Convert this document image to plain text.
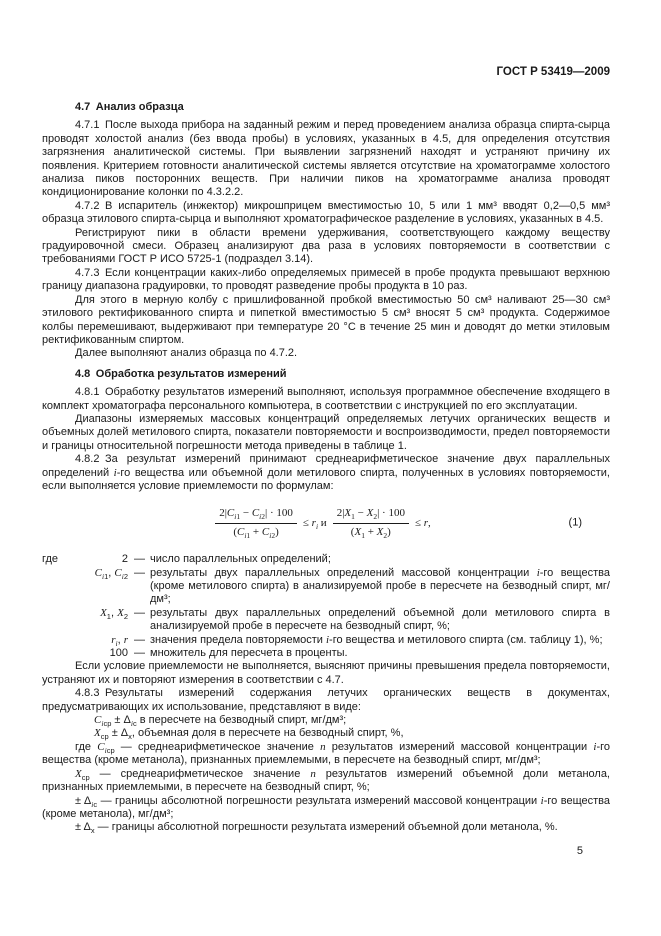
ГОСТ Р 53419—2009

4.7 Анализ образца

4.7.1 После выхода прибора на заданный режим и перед проведением анализа образца спирта-сырца проводят холостой анализ (без ввода пробы) в условиях, указанных в 4.5, для определения отсутствия загрязнения аналитической системы. При выявлении загрязнений находят и устраняют причину их появления. Критерием готовности аналитической системы является отсутствие на хроматограмме холостого анализа пиков посторонних веществ. При наличии пиков на хроматограмме анализа проводят кондиционирование колонки по 4.3.2.2.

4.7.2 В испаритель (инжектор) микрошприцем вместимостью 10, 5 или 1 мм³ вводят 0,2—0,5 мм³ образца этилового спирта-сырца и выполняют хроматографическое разделение в условиях, указанных в 4.5.

Регистрируют пики в области времени удерживания, соответствующего каждому веществу градуировочной смеси. Образец анализируют два раза в условиях повторяемости в соответствии с требованиями ГОСТ Р ИСО 5725-1 (подраздел 3.14).

4.7.3 Если концентрации каких-либо определяемых примесей в пробе продукта превышают верхнюю границу диапазона градуировки, то проводят разведение пробы продукта в 10 раз.

Для этого в мерную колбу с пришлифованной пробкой вместимостью 50 см³ наливают 25—30 см³ этилового ректификованного спирта и пипеткой вместимостью 5 см³ вносят 5 см³ продукта. Содержимое колбы перемешивают, выдерживают при температуре 20 °С в течение 25 мин и доводят до метки этиловым ректификованным спиртом.

Далее выполняют анализ образца по 4.7.2.

4.8 Обработка результатов измерений

4.8.1 Обработку результатов измерений выполняют, используя программное обеспечение входящего в комплект хроматографа персонального компьютера, в соответствии с инструкцией по его эксплуатации.

Диапазоны измеряемых массовых концентраций определяемых летучих органических веществ и объемных долей метилового спирта, показатели повторяемости и воспроизводимости, предел повторяемости и границы относительной погрешности метода приведены в таблице 1.

4.8.2 За результат измерений принимают среднеарифметическое значение двух параллельных определений i-го вещества или объемной доли метилового спирта, полученных в условиях повторяемости, если выполняется условие приемлемости по формулам:

$\frac{2|C_{i1} - C_{i2}| \cdot 100}{(C_{i1} + C_{i2})} \le r_i$ и $\frac{2|X_1 - X_2| \cdot 100}{(X_1 + X_2)} \le r$,	(1)
где	2 — число параллельных определений;
$C_{i1}$, $C_{i2}$ — результаты двух параллельных определений массовой концентрации i-го вещества (кроме метилового спирта) в анализируемой пробе в пересчете на безводный спирт, мг/дм³;
$X_1$, $X_2$ — результаты двух параллельных определений объемной доли метилового спирта в анализируемой пробе в пересчете на безводный спирт, %;
$r_i$, r — значения предела повторяемости i-го вещества и метилового спирта (см. таблицу 1), %;
100 — множитель для пересчета в проценты.

Если условие приемлемости не выполняется, выясняют причины превышения предела повторяемости, устраняют их и повторяют измерения в соответствии с 4.7.

4.8.3 Результаты измерений содержания летучих органических веществ в документах, предусматривающих их использование, представляют в виде:

$C_{iср} \pm \Delta_{iс}$ в пересчете на безводный спирт, мг/дм³;

$X_{ср} \pm \Delta_х$, объемная доля в пересчете на безводный спирт, %,

где $C_{iср}$ — среднеарифметическое значение n результатов измерений массовой концентрации i-го вещества (кроме метанола), признанных приемлемыми, в пересчете на безводный спирт, мг/дм³;

$X_{ср}$ — среднеарифметическое значение n результатов измерений объемной доли метанола, признанных приемлемыми, в пересчете на безводный спирт, %;

± $\Delta_{iс}$ — границы абсолютной погрешности результата измерений массовой концентрации i-го вещества (кроме метанола), мг/дм³;

± $\Delta_х$ — границы абсолютной погрешности результата измерений объемной доли метанола, %.

5
